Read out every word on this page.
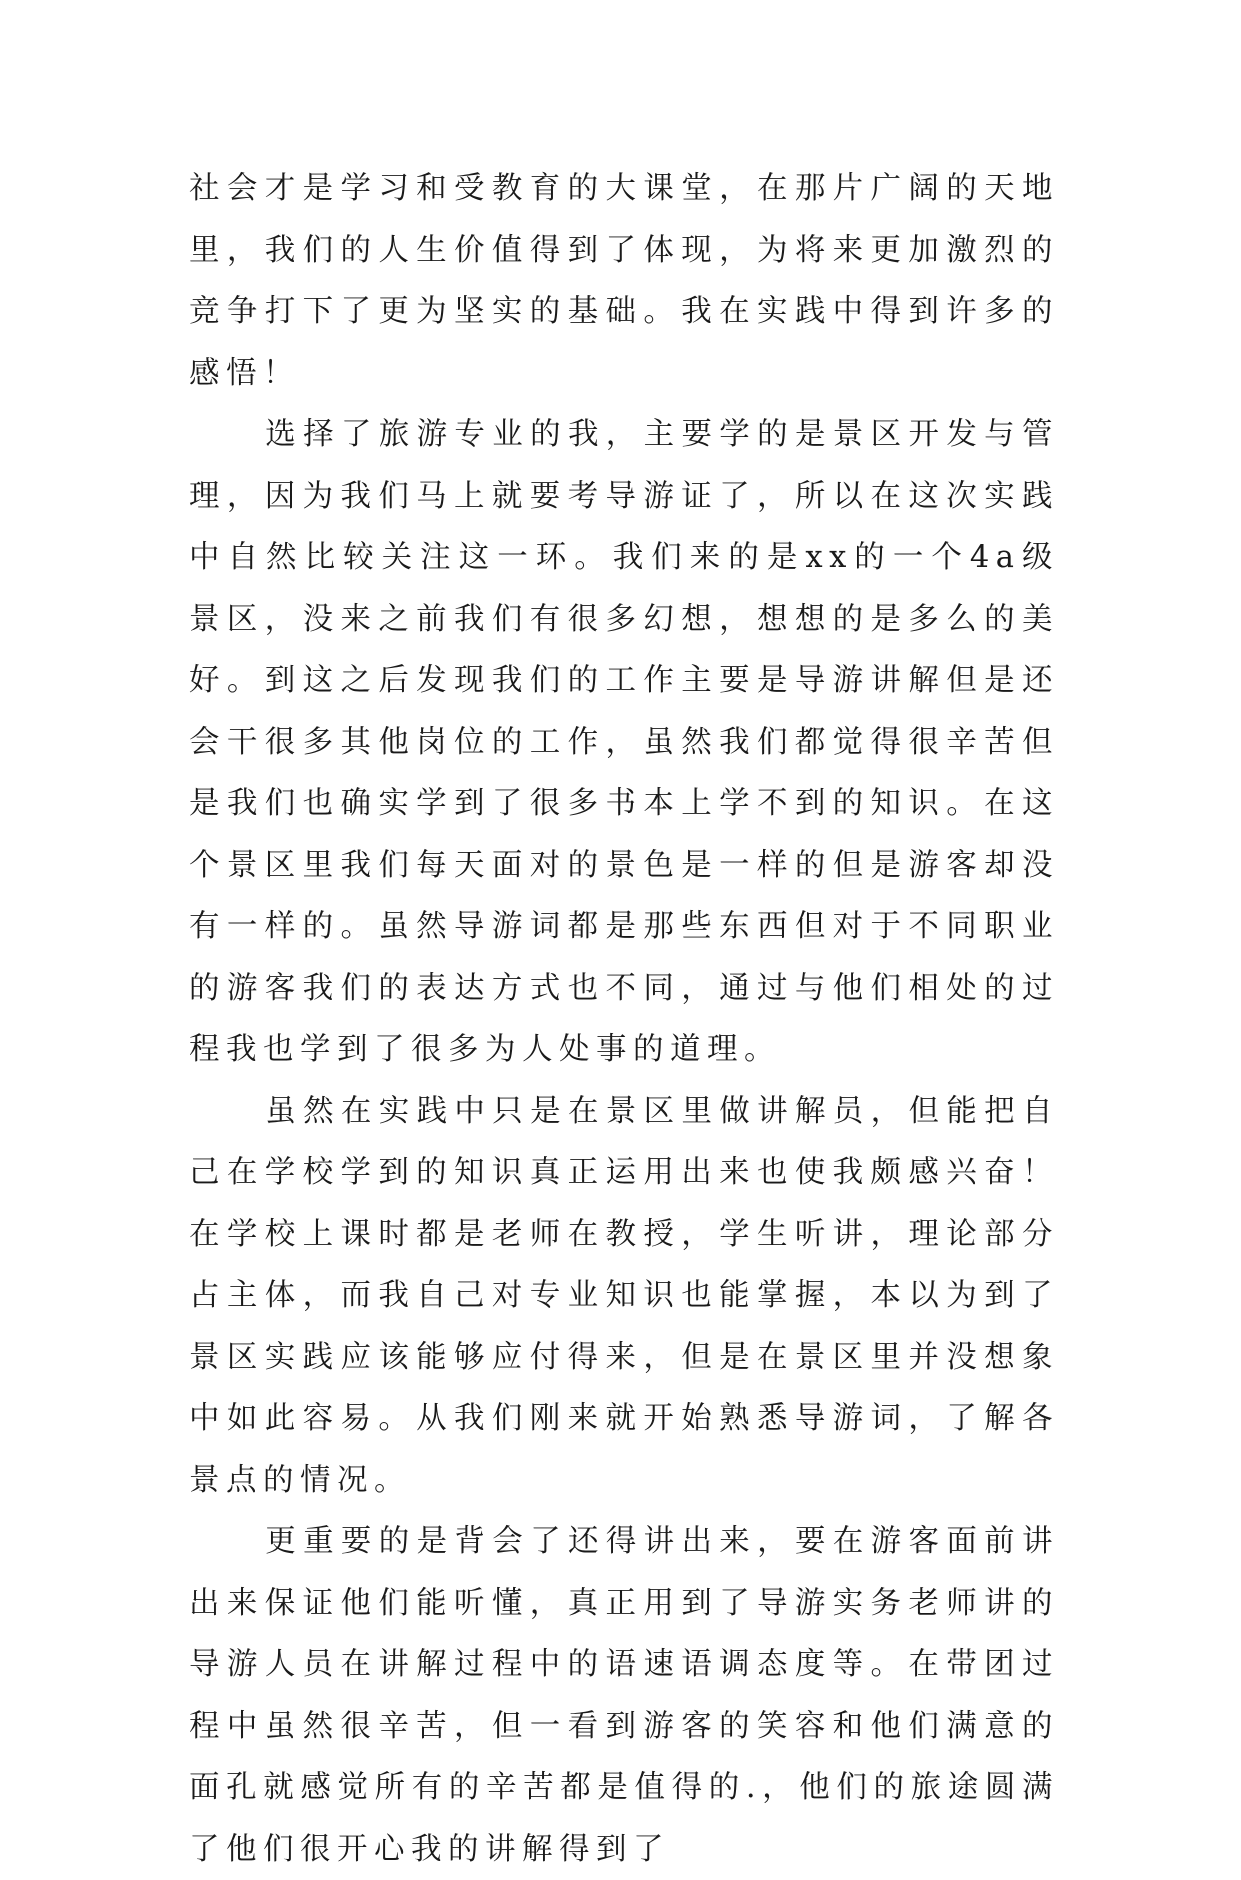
社会才是学习和受教育的大课堂，在那片广阔的天地里，我们的人生价值得到了体现，为将来更加激烈的竞争打下了更为坚实的基础。我在实践中得到许多的感悟！

选择了旅游专业的我，主要学的是景区开发与管理，因为我们马上就要考导游证了，所以在这次实践中自然比较关注这一环。我们来的是xx的一个4a级景区，没来之前我们有很多幻想，想想的是多么的美好。到这之后发现我们的工作主要是导游讲解但是还会干很多其他岗位的工作，虽然我们都觉得很辛苦但是我们也确实学到了很多书本上学不到的知识。在这个景区里我们每天面对的景色是一样的但是游客却没有一样的。虽然导游词都是那些东西但对于不同职业的游客我们的表达方式也不同，通过与他们相处的过程我也学到了很多为人处事的道理。

虽然在实践中只是在景区里做讲解员，但能把自己在学校学到的知识真正运用出来也使我颇感兴奋！在学校上课时都是老师在教授，学生听讲，理论部分占主体，而我自己对专业知识也能掌握，本以为到了景区实践应该能够应付得来，但是在景区里并没想象中如此容易。从我们刚来就开始熟悉导游词，了解各景点的情况。

更重要的是背会了还得讲出来，要在游客面前讲出来保证他们能听懂，真正用到了导游实务老师讲的导游人员在讲解过程中的语速语调态度等。在带团过程中虽然很辛苦，但一看到游客的笑容和他们满意的面孔就感觉所有的辛苦都是值得的.，他们的旅途圆满了他们很开心我的讲解得到了
